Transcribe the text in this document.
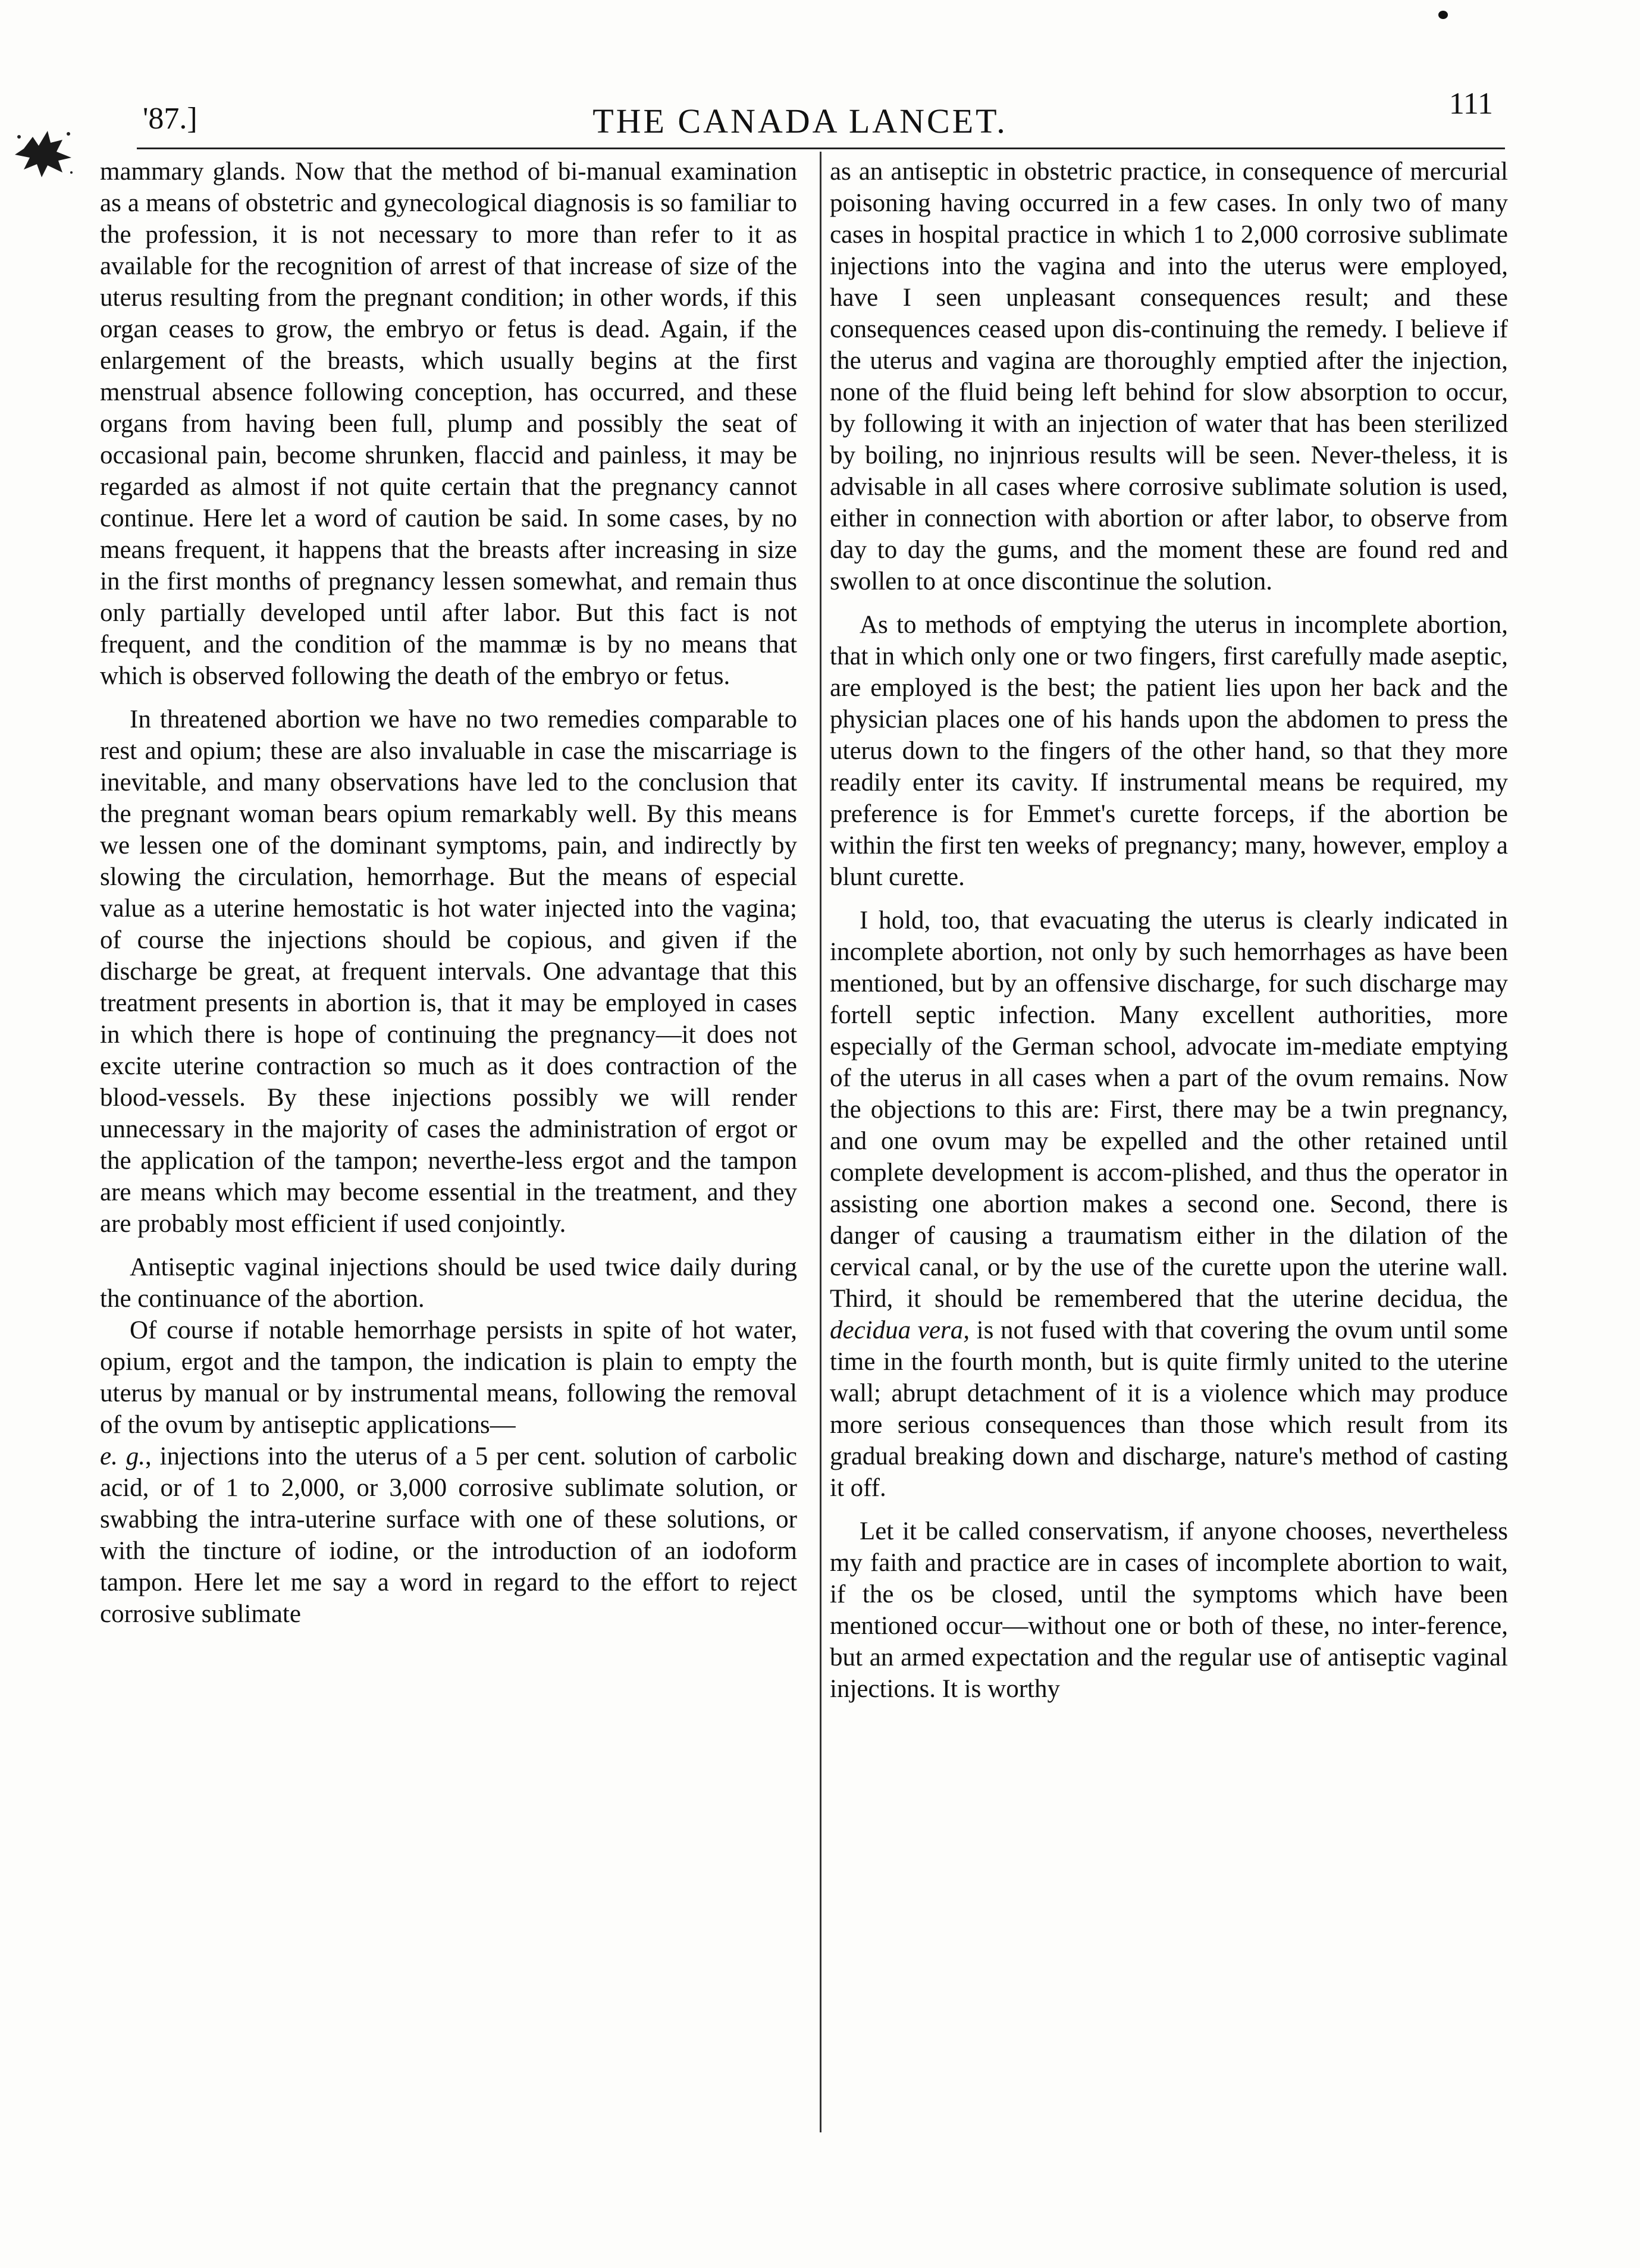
'87.]	THE CANADA LANCET.	111

mammary glands. Now that the method of bi-manual examination as a means of obstetric and gynecological diagnosis is so familiar to the profession, it is not necessary to more than refer to it as available for the recognition of arrest of that increase of size of the uterus resulting from the pregnant condition; in other words, if this organ ceases to grow, the embryo or fetus is dead. Again, if the enlargement of the breasts, which usually begins at the first menstrual absence following conception, has occurred, and these organs from having been full, plump and possibly the seat of occasional pain, become shrunken, flaccid and painless, it may be regarded as almost if not quite certain that the pregnancy cannot continue. Here let a word of caution be said. In some cases, by no means frequent, it happens that the breasts after increasing in size in the first months of pregnancy lessen somewhat, and remain thus only partially developed until after labor. But this fact is not frequent, and the condition of the mammæ is by no means that which is observed following the death of the embryo or fetus.

In threatened abortion we have no two remedies comparable to rest and opium; these are also invaluable in case the miscarriage is inevitable, and many observations have led to the conclusion that the pregnant woman bears opium remarkably well. By this means we lessen one of the dominant symptoms, pain, and indirectly by slowing the circulation, hemorrhage. But the means of especial value as a uterine hemostatic is hot water injected into the vagina; of course the injections should be copious, and given if the discharge be great, at frequent intervals. One advantage that this treatment presents in abortion is, that it may be employed in cases in which there is hope of continuing the pregnancy—it does not excite uterine contraction so much as it does contraction of the blood-vessels. By these injections possibly we will render unnecessary in the majority of cases the administration of ergot or the application of the tampon; neverthe-less ergot and the tampon are means which may become essential in the treatment, and they are probably most efficient if used conjointly.

Antiseptic vaginal injections should be used twice daily during the continuance of the abortion.

Of course if notable hemorrhage persists in spite of hot water, opium, ergot and the tampon, the indication is plain to empty the uterus by manual or by instrumental means, following the removal of the ovum by antiseptic applications—
e. g., injections into the uterus of a 5 per cent. solution of carbolic acid, or of 1 to 2,000, or 3,000 corrosive sublimate solution, or swabbing the intra-uterine surface with one of these solutions, or with the tincture of iodine, or the introduction of an iodoform tampon. Here let me say a word in regard to the effort to reject corrosive sublimate

as an antiseptic in obstetric practice, in consequence of mercurial poisoning having occurred in a few cases. In only two of many cases in hospital practice in which 1 to 2,000 corrosive sublimate injections into the vagina and into the uterus were employed, have I seen unpleasant consequences result; and these consequences ceased upon dis-continuing the remedy. I believe if the uterus and vagina are thoroughly emptied after the injection, none of the fluid being left behind for slow absorption to occur, by following it with an injection of water that has been sterilized by boiling, no injnrious results will be seen. Never-theless, it is advisable in all cases where corrosive sublimate solution is used, either in connection with abortion or after labor, to observe from day to day the gums, and the moment these are found red and swollen to at once discontinue the solution.

As to methods of emptying the uterus in incomplete abortion, that in which only one or two fingers, first carefully made aseptic, are employed is the best; the patient lies upon her back and the physician places one of his hands upon the abdomen to press the uterus down to the fingers of the other hand, so that they more readily enter its cavity. If instrumental means be required, my preference is for Emmet's curette forceps, if the abortion be within the first ten weeks of pregnancy; many, however, employ a blunt curette.

I hold, too, that evacuating the uterus is clearly indicated in incomplete abortion, not only by such hemorrhages as have been mentioned, but by an offensive discharge, for such discharge may fortell septic infection. Many excellent authorities, more especially of the German school, advocate im-mediate emptying of the uterus in all cases when a part of the ovum remains. Now the objections to this are: First, there may be a twin pregnancy, and one ovum may be expelled and the other retained until complete development is accom-plished, and thus the operator in assisting one abortion makes a second one. Second, there is danger of causing a traumatism either in the dilation of the cervical canal, or by the use of the curette upon the uterine wall. Third, it should be remembered that the uterine decidua, the decidua vera, is not fused with that covering the ovum until some time in the fourth month, but is quite firmly united to the uterine wall; abrupt detachment of it is a violence which may produce more serious consequences than those which result from its gradual breaking down and discharge, nature's method of casting it off.

Let it be called conservatism, if anyone chooses, nevertheless my faith and practice are in cases of incomplete abortion to wait, if the os be closed, until the symptoms which have been mentioned occur—without one or both of these, no inter-ference, but an armed expectation and the regular use of antiseptic vaginal injections. It is worthy
